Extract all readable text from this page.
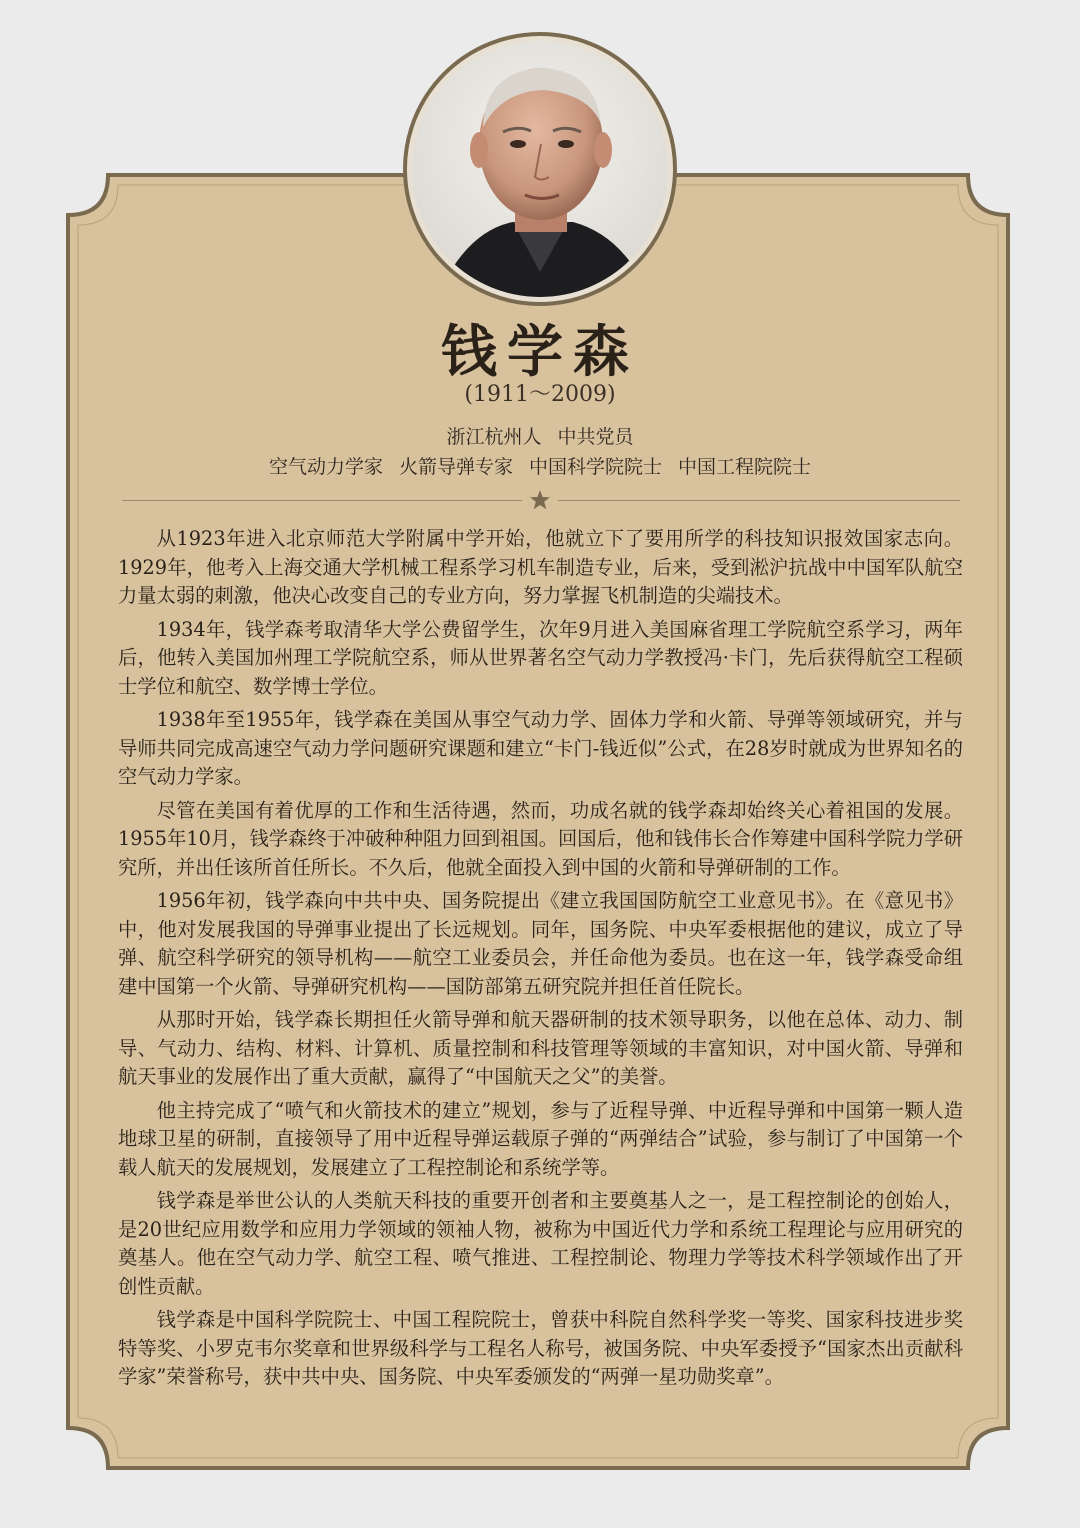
钱学森
(1911～2009)
浙江杭州人 中共党员
空气动力学家 火箭导弹专家 中国科学院院士 中国工程院院士

从1923年进入北京师范大学附属中学开始，他就立下了要用所学的科技知识报效国家志向。1929年，他考入上海交通大学机械工程系学习机车制造专业，后来，受到淞沪抗战中中国军队航空力量太弱的刺激，他决心改变自己的专业方向，努力掌握飞机制造的尖端技术。

1934年，钱学森考取清华大学公费留学生，次年9月进入美国麻省理工学院航空系学习，两年后，他转入美国加州理工学院航空系，师从世界著名空气动力学教授冯·卡门，先后获得航空工程硕士学位和航空、数学博士学位。

1938年至1955年，钱学森在美国从事空气动力学、固体力学和火箭、导弹等领域研究，并与导师共同完成高速空气动力学问题研究课题和建立“卡门-钱近似”公式，在28岁时就成为世界知名的空气动力学家。

尽管在美国有着优厚的工作和生活待遇，然而，功成名就的钱学森却始终关心着祖国的发展。1955年10月，钱学森终于冲破种种阻力回到祖国。回国后，他和钱伟长合作筹建中国科学院力学研究所，并出任该所首任所长。不久后，他就全面投入到中国的火箭和导弹研制的工作。

1956年初，钱学森向中共中央、国务院提出《建立我国国防航空工业意见书》。在《意见书》中，他对发展我国的导弹事业提出了长远规划。同年，国务院、中央军委根据他的建议，成立了导弹、航空科学研究的领导机构——航空工业委员会，并任命他为委员。也在这一年，钱学森受命组建中国第一个火箭、导弹研究机构——国防部第五研究院并担任首任院长。

从那时开始，钱学森长期担任火箭导弹和航天器研制的技术领导职务，以他在总体、动力、制导、气动力、结构、材料、计算机、质量控制和科技管理等领域的丰富知识，对中国火箭、导弹和航天事业的发展作出了重大贡献，赢得了“中国航天之父”的美誉。

他主持完成了“喷气和火箭技术的建立”规划，参与了近程导弹、中近程导弹和中国第一颗人造地球卫星的研制，直接领导了用中近程导弹运载原子弹的“两弹结合”试验，参与制订了中国第一个载人航天的发展规划，发展建立了工程控制论和系统学等。

钱学森是举世公认的人类航天科技的重要开创者和主要奠基人之一，是工程控制论的创始人，是20世纪应用数学和应用力学领域的领袖人物，被称为中国近代力学和系统工程理论与应用研究的奠基人。他在空气动力学、航空工程、喷气推进、工程控制论、物理力学等技术科学领域作出了开创性贡献。

钱学森是中国科学院院士、中国工程院院士，曾获中科院自然科学奖一等奖、国家科技进步奖特等奖、小罗克韦尔奖章和世界级科学与工程名人称号，被国务院、中央军委授予“国家杰出贡献科学家”荣誉称号，获中共中央、国务院、中央军委颁发的“两弹一星功勋奖章”。
